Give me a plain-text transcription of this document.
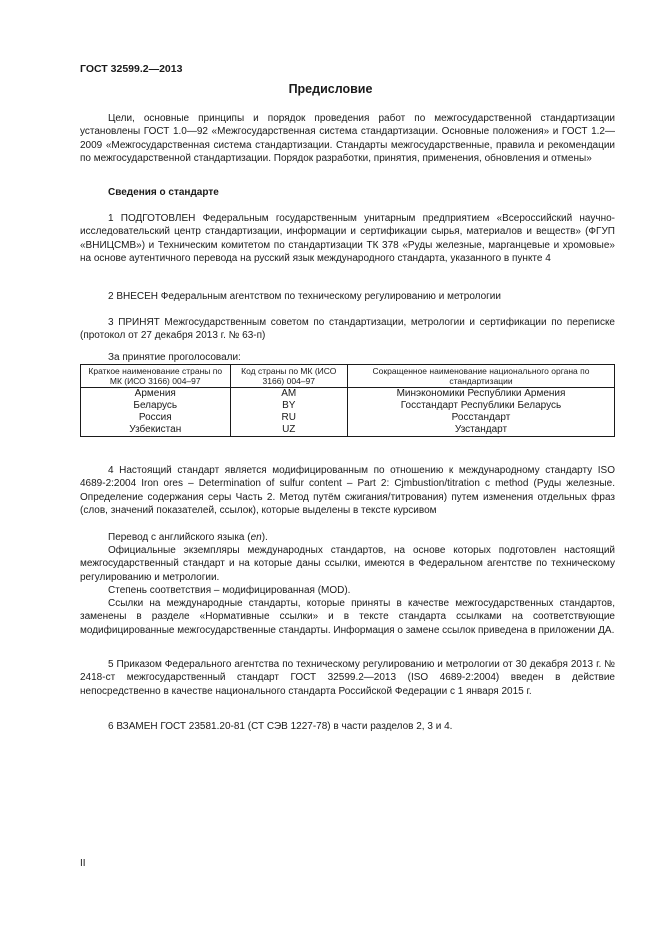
ГОСТ 32599.2—2013
Предисловие

Цели, основные принципы и порядок проведения работ по межгосударственной стандартизации установлены ГОСТ 1.0—92 «Межгосударственная система стандартизации. Основные положения» и ГОСТ 1.2—2009 «Межгосударственная система стандартизации. Стандарты межгосударственные, правила и рекомендации по межгосударственной стандартизации. Порядок разработки, принятия, применения, обновления и отмены»

Сведения о стандарте

1 ПОДГОТОВЛЕН Федеральным государственным унитарным предприятием «Всероссийский научно-исследовательский центр стандартизации, информации и сертификации сырья, материалов и веществ» (ФГУП «ВНИЦСМВ») и Техническим комитетом по стандартизации ТК 378 «Руды железные, марганцевые и хромовые» на основе аутентичного перевода на русский язык международного стандарта, указанного в пункте 4

2 ВНЕСЕН Федеральным агентством по техническому регулированию и метрологии

3 ПРИНЯТ Межгосударственным советом по стандартизации, метрологии и сертификации по переписке (протокол от 27 декабря 2013 г. № 63-п)

За принятие проголосовали:

Краткое наименование страны по МК (ИСО 3166) 004–97	Код страны по МК (ИСО 3166) 004–97	Сокращенное наименование национального органа по стандартизации
Армения	AM	Минэкономики Республики Армения
Беларусь	BY	Госстандарт Республики Беларусь
Россия	RU	Росстандарт
Узбекистан	UZ	Узстандарт

4 Настоящий стандарт является модифицированным по отношению к международному стандарту ISO 4689-2:2004 Iron ores – Determination of sulfur content – Part 2: Cjmbustion/titration c method (Руды железные. Определение содержания серы Часть 2. Метод путём сжигания/титрования) путем изменения отдельных фраз (слов, значений показателей, ссылок), которые выделены в тексте курсивом

Перевод с английского языка (en).

Официальные экземпляры международных стандартов, на основе которых подготовлен настоящий межгосударственный стандарт и на которые даны ссылки, имеются в Федеральном агентстве по техническому регулированию и метрологии.

Степень соответствия – модифицированная (MOD).

Ссылки на международные стандарты, которые приняты в качестве межгосударственных стандартов, заменены в разделе «Нормативные ссылки» и в тексте стандарта ссылками на соответствующие модифицированные межгосударственные стандарты. Информация о замене ссылок приведена в приложении ДА.

5 Приказом Федерального агентства по техническому регулированию и метрологии от 30 декабря 2013 г. № 2418-ст межгосударственный стандарт ГОСТ 32599.2—2013 (ISO 4689-2:2004) введен в действие непосредственно в качестве национального стандарта Российской Федерации с 1 января 2015 г.

6 ВЗАМЕН ГОСТ 23581.20-81 (СТ СЭВ 1227-78) в части разделов 2, 3 и 4.

II
